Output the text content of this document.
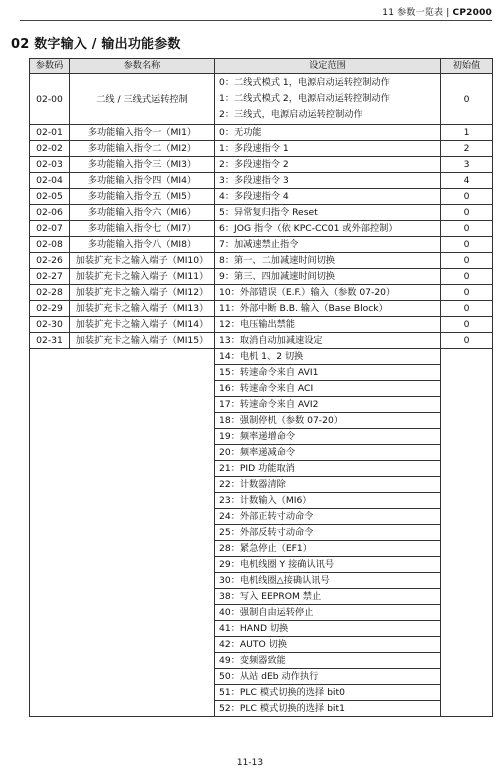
11 参数一览表 | CP2000
02 数字输入 / 输出功能参数
参数码	参数名称	设定范围	初始值
02-00	二线 / 三线式运转控制	0：二线式模式 1，电源启动运转控制动作
1：二线式模式 2，电源启动运转控制动作
2：三线式，电源启动运转控制动作	0
02-01	多功能输入指令一（MI1）	0：无功能	1
02-02	多功能输入指令二（MI2）	1：多段速指令 1	2
02-03	多功能输入指令三（MI3）	2：多段速指令 2	3
02-04	多功能输入指令四（MI4）	3：多段速指令 3	4
02-05	多功能输入指令五（MI5）	4：多段速指令 4	0
02-06	多功能输入指令六（MI6）	5：异常复归指令 Reset	0
02-07	多功能输入指令七（MI7）	6：JOG 指令（依 KPC-CC01 或外部控制）	0
02-08	多功能输入指令八（MI8）	7：加减速禁止指令	0
02-26	加装扩充卡之输入端子（MI10）	8：第一、二加减速时间切换	0
02-27	加装扩充卡之输入端子（MI11）	9：第三、四加减速时间切换	0
02-28	加装扩充卡之输入端子（MI12）	10：外部错误（E.F.）输入（参数 07-20）	0
02-29	加装扩充卡之输入端子（MI13）	11：外部中断 B.B. 输入（Base Block）	0
02-30	加装扩充卡之输入端子（MI14）	12：电压输出禁能	0
02-31	加装扩充卡之输入端子（MI15）	13：取消自动加减速设定	0
		14：电机 1、2 切换	
		15：转速命令来自 AVI1	
		16：转速命令来自 ACI	
		17：转速命令来自 AVI2	
		18：强制停机（参数 07-20）	
		19：频率递增命令	
		20：频率递减命令	
		21：PID 功能取消	
		22：计数器清除	
		23：计数输入（MI6）	
		24：外部正转寸动命令	
		25：外部反转寸动命令	
		28：紧急停止（EF1）	
		29：电机线圈 Y 接确认讯号	
		30：电机线圈△接确认讯号	
		38：写入 EEPROM 禁止	
		40：强制自由运转停止	
		41：HAND 切换	
		42：AUTO 切换	
		49：变频器致能	
		50：从站 dEb 动作执行	
		51：PLC 模式切换的选择 bit0	
		52：PLC 模式切换的选择 bit1	
11-13
